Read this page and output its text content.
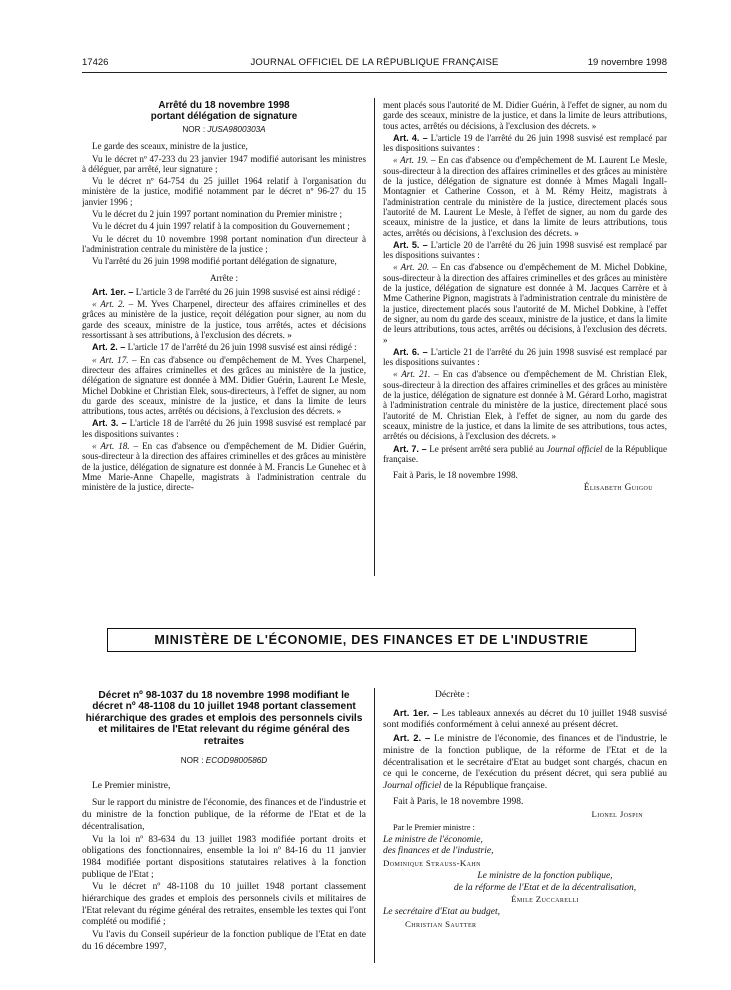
17426	JOURNAL OFFICIEL DE LA RÉPUBLIQUE FRANÇAISE	19 novembre 1998
Arrêté du 18 novembre 1998
portant délégation de signature
NOR : JUSA9800303A

Le garde des sceaux, ministre de la justice,

Vu le décret nº 47-233 du 23 janvier 1947 modifié autorisant les ministres à déléguer, par arrêté, leur signature ;

Vu le décret nº 64-754 du 25 juillet 1964 relatif à l'organisation du ministère de la justice, modifié notamment par le décret nº 96-27 du 15 janvier 1996 ;

Vu le décret du 2 juin 1997 portant nomination du Premier ministre ;

Vu le décret du 4 juin 1997 relatif à la composition du Gouvernement ;

Vu le décret du 10 novembre 1998 portant nomination d'un directeur à l'administration centrale du ministère de la justice ;

Vu l'arrêté du 26 juin 1998 modifié portant délégation de signature,

Arrête :

Art. 1er. – L'article 3 de l'arrêté du 26 juin 1998 susvisé est ainsi rédigé :

« Art. 2. – M. Yves Charpenel, directeur des affaires criminelles et des grâces au ministère de la justice, reçoit délégation pour signer, au nom du garde des sceaux, ministre de la justice, tous arrêtés, actes et décisions ressortissant à ses attributions, à l'exclusion des décrets. »

Art. 2. – L'article 17 de l'arrêté du 26 juin 1998 susvisé est ainsi rédigé :

« Art. 17. – En cas d'absence ou d'empêchement de M. Yves Charpenel, directeur des affaires criminelles et des grâces au ministère de la justice, délégation de signature est donnée à MM. Didier Guérin, Laurent Le Mesle, Michel Dobkine et Christian Elek, sous-directeurs, à l'effet de signer, au nom du garde des sceaux, ministre de la justice, et dans la limite de leurs attributions, tous actes, arrêtés ou décisions, à l'exclusion des décrets. »

Art. 3. – L'article 18 de l'arrêté du 26 juin 1998 susvisé est remplacé par les dispositions suivantes :

« Art. 18. – En cas d'absence ou d'empêchement de M. Didier Guérin, sous-directeur à la direction des affaires criminelles et des grâces au ministère de la justice, délégation de signature est donnée à M. Francis Le Gunehec et à Mme Marie-Anne Chapelle, magistrats à l'administration centrale du ministère de la justice, directe-

ment placés sous l'autorité de M. Didier Guérin, à l'effet de signer, au nom du garde des sceaux, ministre de la justice, et dans la limite de leurs attributions, tous actes, arrêtés ou décisions, à l'exclusion des décrets. »

Art. 4. – L'article 19 de l'arrêté du 26 juin 1998 susvisé est remplacé par les dispositions suivantes :

« Art. 19. – En cas d'absence ou d'empêchement de M. Laurent Le Mesle, sous-directeur à la direction des affaires criminelles et des grâces au ministère de la justice, délégation de signature est donnée à Mmes Magali Ingall-Montagnier et Catherine Cosson, et à M. Rémy Heitz, magistrats à l'administration centrale du ministère de la justice, directement placés sous l'autorité de M. Laurent Le Mesle, à l'effet de signer, au nom du garde des sceaux, ministre de la justice, et dans la limite de leurs attributions, tous actes, arrêtés ou décisions, à l'exclusion des décrets. »

Art. 5. – L'article 20 de l'arrêté du 26 juin 1998 susvisé est remplacé par les dispositions suivantes :

« Art. 20. – En cas d'absence ou d'empêchement de M. Michel Dobkine, sous-directeur à la direction des affaires criminelles et des grâces au ministère de la justice, délégation de signature est donnée à M. Jacques Carrère et à Mme Catherine Pignon, magistrats à l'administration centrale du ministère de la justice, directement placés sous l'autorité de M. Michel Dobkine, à l'effet de signer, au nom du garde des sceaux, ministre de la justice, et dans la limite de leurs attributions, tous actes, arrêtés ou décisions, à l'exclusion des décrets. »

Art. 6. – L'article 21 de l'arrêté du 26 juin 1998 susvisé est remplacé par les dispositions suivantes :

« Art. 21. – En cas d'absence ou d'empêchement de M. Christian Elek, sous-directeur à la direction des affaires criminelles et des grâces au ministère de la justice, délégation de signature est donnée à M. Gérard Lorho, magistrat à l'administration centrale du ministère de la justice, directement placé sous l'autorité de M. Christian Elek, à l'effet de signer, au nom du garde des sceaux, ministre de la justice, et dans la limite de ses attributions, tous actes, arrêtés ou décisions, à l'exclusion des décrets. »

Art. 7. – Le présent arrêté sera publié au Journal officiel de la République française.

Fait à Paris, le 18 novembre 1998.

Élisabeth Guigou

MINISTÈRE DE L'ÉCONOMIE, DES FINANCES ET DE L'INDUSTRIE
Décret nº 98-1037 du 18 novembre 1998 modifiant le décret nº 48-1108 du 10 juillet 1948 portant classement hiérarchique des grades et emplois des personnels civils et militaires de l'Etat relevant du régime général des retraites
NOR : ECOD9800586D

Le Premier ministre,

Sur le rapport du ministre de l'économie, des finances et de l'industrie et du ministre de la fonction publique, de la réforme de l'Etat et de la décentralisation,

Vu la loi nº 83-634 du 13 juillet 1983 modifiée portant droits et obligations des fonctionnaires, ensemble la loi nº 84-16 du 11 janvier 1984 modifiée portant dispositions statutaires relatives à la fonction publique de l'Etat ;

Vu le décret nº 48-1108 du 10 juillet 1948 portant classement hiérarchique des grades et emplois des personnels civils et militaires de l'Etat relevant du régime général des retraites, ensemble les textes qui l'ont complété ou modifié ;

Vu l'avis du Conseil supérieur de la fonction publique de l'Etat en date du 16 décembre 1997,

Décrète :

Art. 1er. – Les tableaux annexés au décret du 10 juillet 1948 susvisé sont modifiés conformément à celui annexé au présent décret.

Art. 2. – Le ministre de l'économie, des finances et de l'industrie, le ministre de la fonction publique, de la réforme de l'Etat et de la décentralisation et le secrétaire d'Etat au budget sont chargés, chacun en ce qui le concerne, de l'exécution du présent décret, qui sera publié au Journal officiel de la République française.

Fait à Paris, le 18 novembre 1998.

Lionel Jospin

Par le Premier ministre :

Le ministre de l'économie,

des finances et de l'industrie,

Dominique Strauss-Kahn

Le ministre de la fonction publique,

de la réforme de l'Etat et de la décentralisation,

Émile Zuccarelli

Le secrétaire d'Etat au budget,

Christian Sautter
